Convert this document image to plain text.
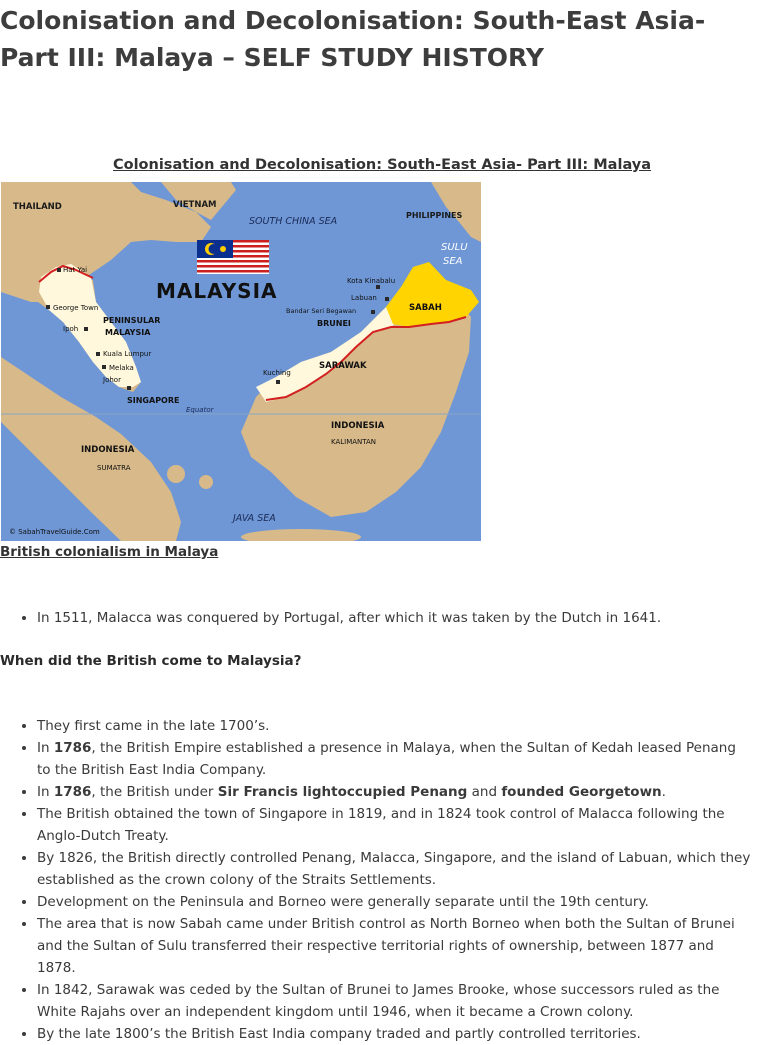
Colonisation and Decolonisation: South-East Asia- Part III: Malaya – SELF STUDY HISTORY
Colonisation and Decolonisation: South-East Asia- Part III: Malaya
THAILAND	VIETNAM
SOUTH CHINA SEA
PHILIPPINES
SULU
SEA
MALAYSIA
Hat Yai
George Town
PENINSULAR
MALAYSIA
Ipoh
Kuala Lumpur
Melaka
Johor
SINGAPORE
Equator
Kota Kinabalu
Labuan
Bandar Seri Begawan
BRUNEI
SABAH
SARAWAK
Kuching
INDONESIA
KALIMANTAN
INDONESIA
SUMATRA
JAVA SEA
© SabahTravelGuide.Com
British colonialism in Malaya
• In 1511, Malacca was conquered by Portugal, after which it was taken by the Dutch in 1641.
When did the British come to Malaysia?
• They first came in the late 1700’s.
• In 1786, the British Empire established a presence in Malaya, when the Sultan of Kedah leased Penang to the British East India Company.
• In 1786, the British under Sir Francis lightoccupied Penang and founded Georgetown.
• The British obtained the town of Singapore in 1819, and in 1824 took control of Malacca following the Anglo-Dutch Treaty.
• By 1826, the British directly controlled Penang, Malacca, Singapore, and the island of Labuan, which they established as the crown colony of the Straits Settlements.
• Development on the Peninsula and Borneo were generally separate until the 19th century.
• The area that is now Sabah came under British control as North Borneo when both the Sultan of Brunei and the Sultan of Sulu transferred their respective territorial rights of ownership, between 1877 and 1878.
• In 1842, Sarawak was ceded by the Sultan of Brunei to James Brooke, whose successors ruled as the White Rajahs over an independent kingdom until 1946, when it became a Crown colony.
• By the late 1800’s the British East India company traded and partly controlled territories.
